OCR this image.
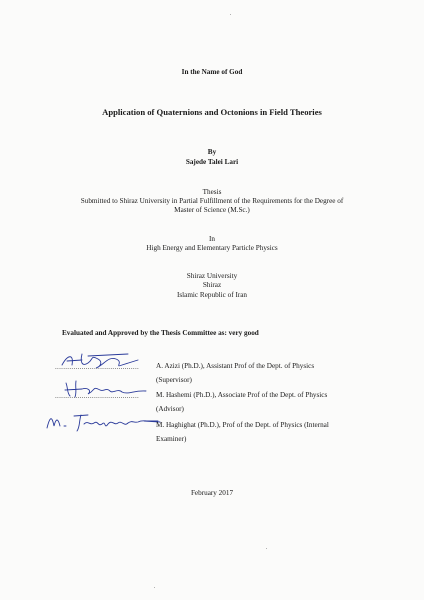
In the Name of God
Application of Quaternions and Octonions in Field Theories
By
Sajede Talei Lari
Thesis
Submitted to Shiraz University in Partial Fulfillment of the Requirements for the Degree of
Master of Science (M.Sc.)
In
High Energy and Elementary Particle Physics
Shiraz University
Shiraz
Islamic Republic of Iran
Evaluated and Approved by the Thesis Committee as: very good
......................................... A. Azizi (Ph.D.), Assistant Prof of the Dept. of Physics
(Supervisor)
......................................... M. Hashemi (Ph.D.), Associate Prof of the Dept. of Physics
(Advisor)
M. Haghighat (Ph.D.), Prof of the Dept. of Physics (Internal
Examiner)
February 2017
